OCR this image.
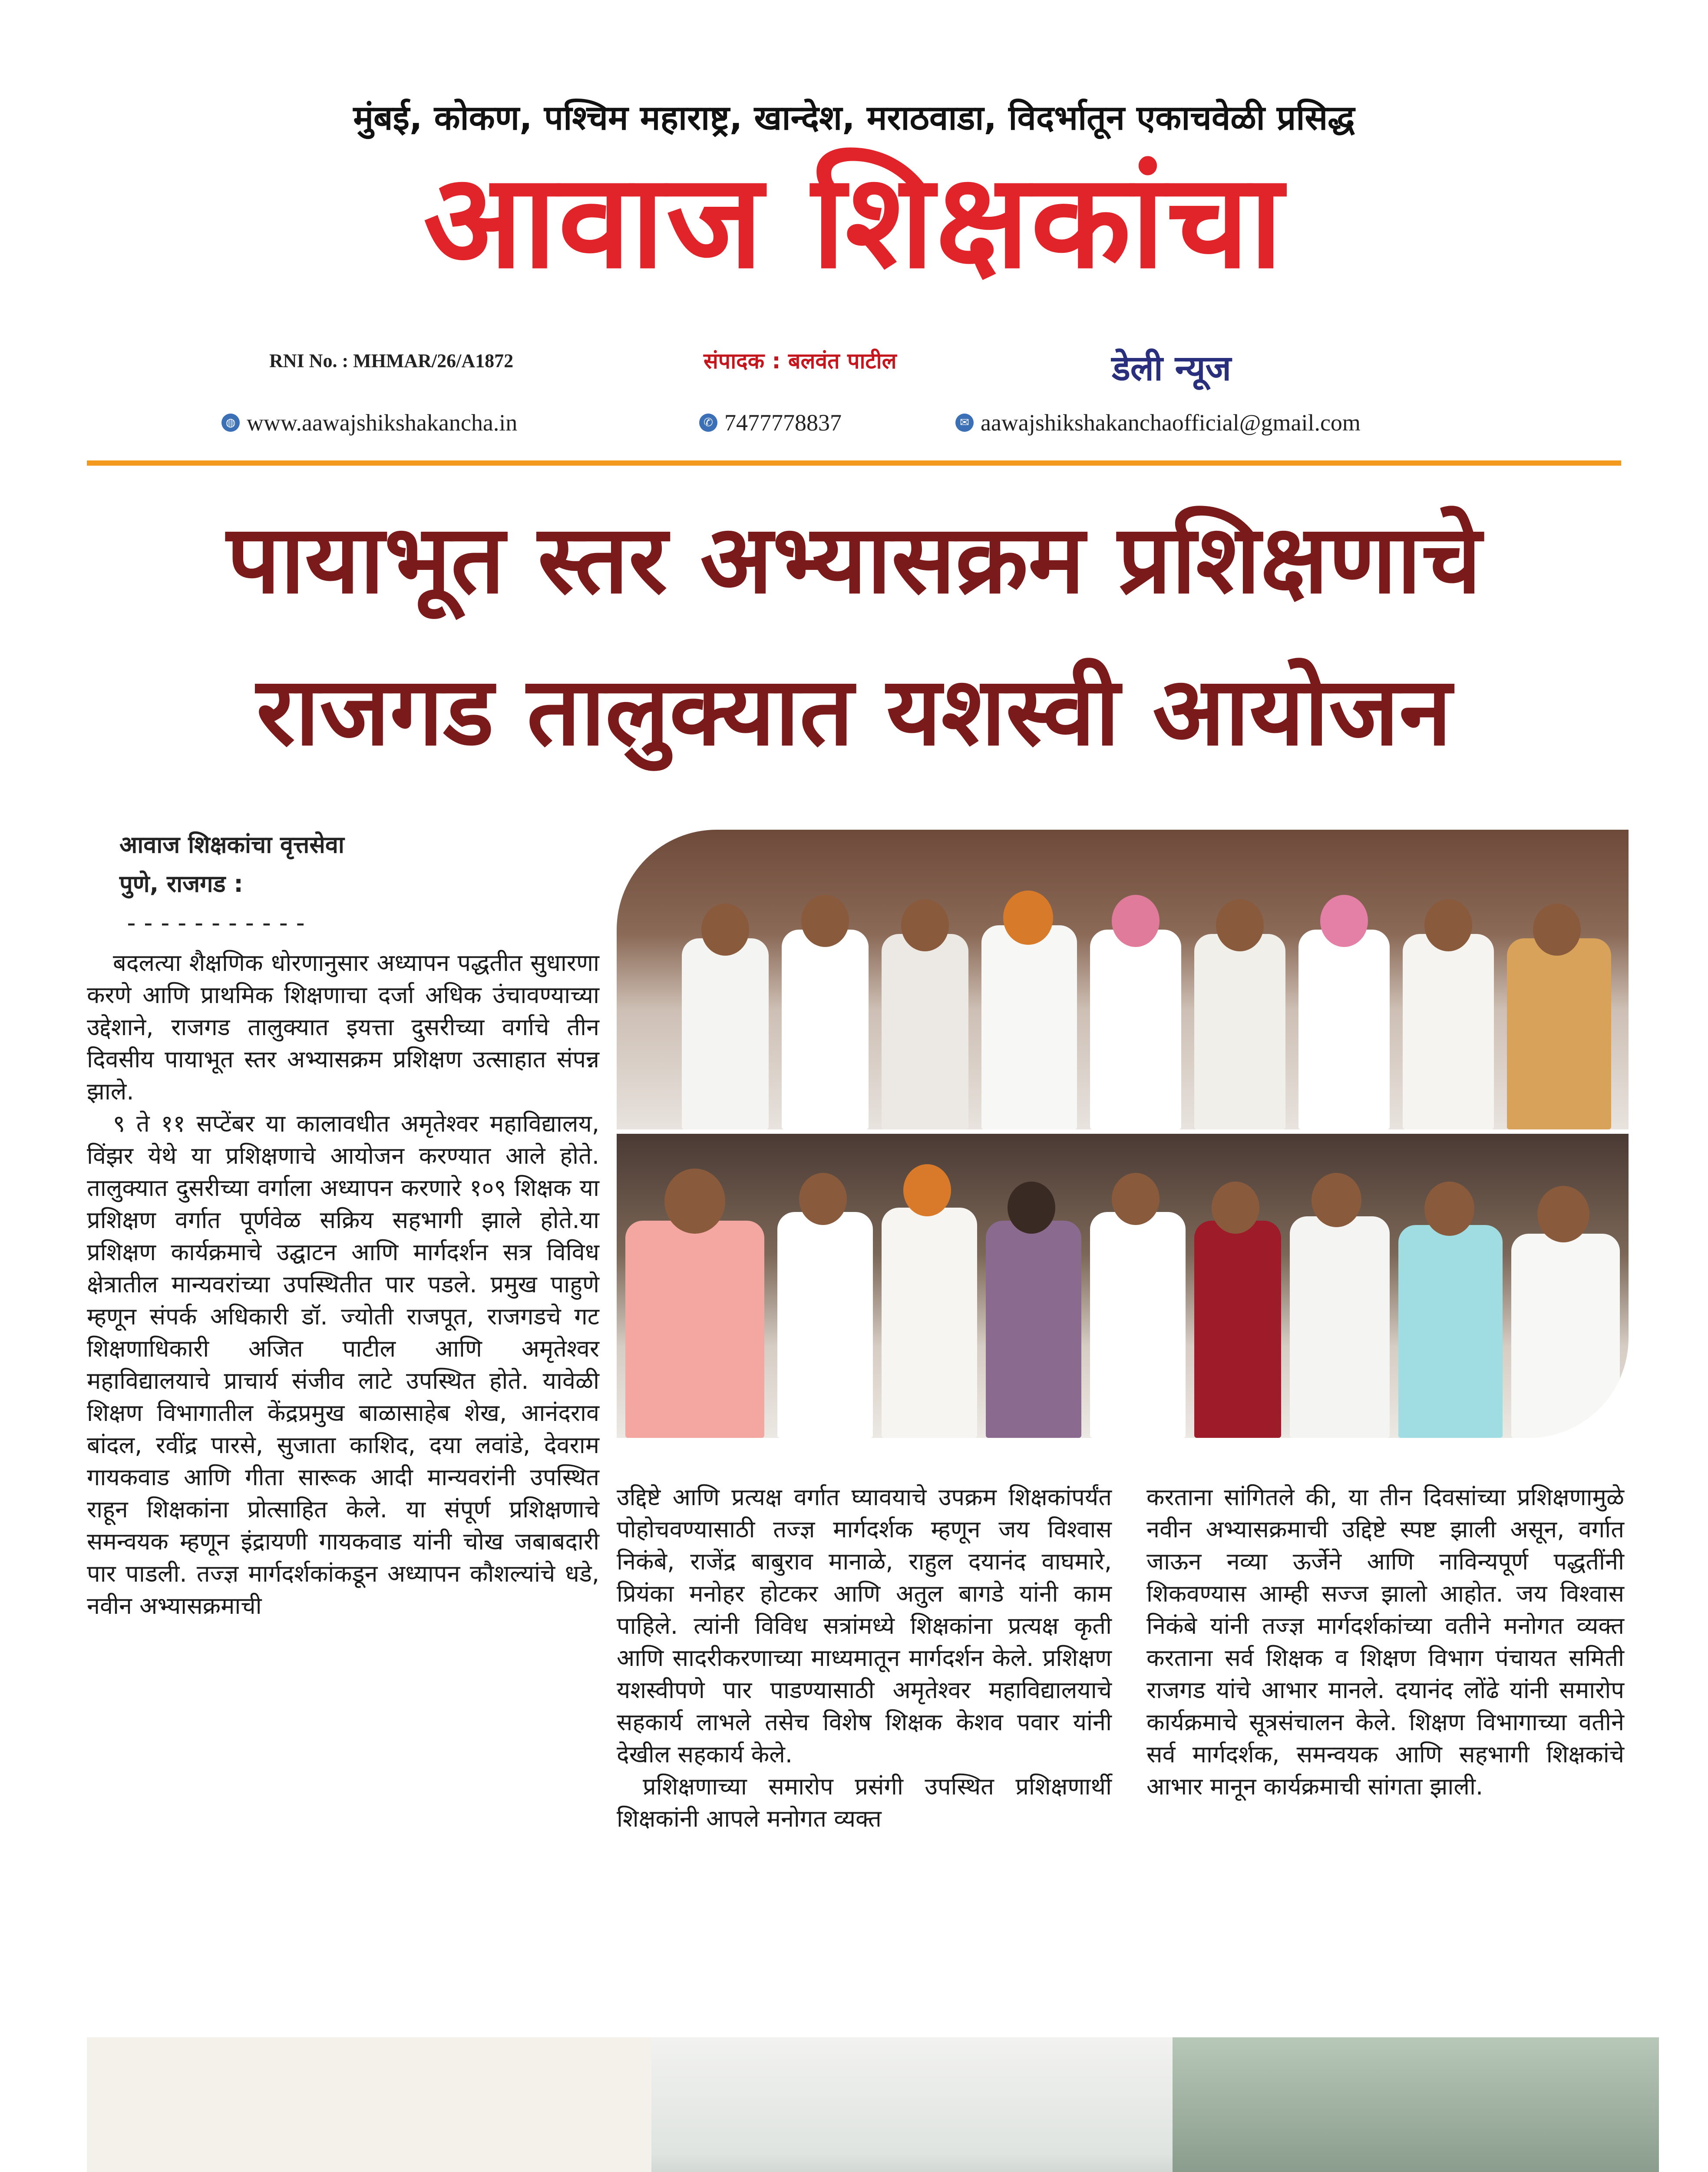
मुंबई, कोकण, पश्चिम महाराष्ट्र, खान्देश, मराठवाडा, विदर्भातून एकाचवेळी प्रसिद्ध
आवाज शिक्षकांचा
RNI No. : MHMAR/26/A1872	संपादक : बलवंत पाटील	डेली न्यूज
◍ www.aawajshikshakancha.in	✆ 7477778837	✉ aawajshikshakanchaofficial@gmail.com
पायाभूत स्तर अभ्यासक्रम प्रशिक्षणाचे
राजगड तालुक्यात यशस्वी आयोजन
आवाज शिक्षकांचा वृत्तसेवा
पुणे, राजगड :
-----------

बदलत्या शैक्षणिक धोरणानुसार अध्यापन पद्धतीत सुधारणा करणे आणि प्राथमिक शिक्षणाचा दर्जा अधिक उंचावण्याच्या उद्देशाने, राजगड तालुक्यात इयत्ता दुसरीच्या वर्गाचे तीन दिवसीय पायाभूत स्तर अभ्यासक्रम प्रशिक्षण उत्साहात संपन्न झाले.

९ ते ११ सप्टेंबर या कालावधीत अमृतेश्वर महाविद्यालय, विंझर येथे या प्रशिक्षणाचे आयोजन करण्यात आले होते. तालुक्यात दुसरीच्या वर्गाला अध्यापन करणारे १०९ शिक्षक या प्रशिक्षण वर्गात पूर्णवेळ सक्रिय सहभागी झाले होते.या प्रशिक्षण कार्यक्रमाचे उद्घाटन आणि मार्गदर्शन सत्र विविध क्षेत्रातील मान्यवरांच्या उपस्थितीत पार पडले. प्रमुख पाहुणे म्हणून संपर्क अधिकारी डॉ. ज्योती राजपूत, राजगडचे गट शिक्षणाधिकारी अजित पाटील आणि अमृतेश्वर महाविद्यालयाचे प्राचार्य संजीव लाटे उपस्थित होते. यावेळी शिक्षण विभागातील केंद्रप्रमुख बाळासाहेब शेख, आनंदराव बांदल, रवींद्र पारसे, सुजाता काशिद, दया लवांडे, देवराम गायकवाड आणि गीता सारूक आदी मान्यवरांनी उपस्थित राहून शिक्षकांना प्रोत्साहित केले. या संपूर्ण प्रशिक्षणाचे समन्वयक म्हणून इंद्रायणी गायकवाड यांनी चोख जबाबदारी पार पाडली. तज्ज्ञ मार्गदर्शकांकडून अध्यापन कौशल्यांचे धडे, नवीन अभ्यासक्रमाची

उद्दिष्टे आणि प्रत्यक्ष वर्गात घ्यावयाचे उपक्रम शिक्षकांपर्यंत पोहोचवण्यासाठी तज्ज्ञ मार्गदर्शक म्हणून जय विश्वास निकंबे, राजेंद्र बाबुराव मानाळे, राहुल दयानंद वाघमारे, प्रियंका मनोहर होटकर आणि अतुल बागडे यांनी काम पाहिले. त्यांनी विविध सत्रांमध्ये शिक्षकांना प्रत्यक्ष कृती आणि सादरीकरणाच्या माध्यमातून मार्गदर्शन केले. प्रशिक्षण यशस्वीपणे पार पाडण्यासाठी अमृतेश्वर महाविद्यालयाचे सहकार्य लाभले तसेच विशेष शिक्षक केशव पवार यांनी देखील सहकार्य केले.

प्रशिक्षणाच्या समारोप प्रसंगी उपस्थित प्रशिक्षणार्थी शिक्षकांनी आपले मनोगत व्यक्त

करताना सांगितले की, या तीन दिवसांच्या प्रशिक्षणामुळे नवीन अभ्यासक्रमाची उद्दिष्टे स्पष्ट झाली असून, वर्गात जाऊन नव्या ऊर्जेने आणि नाविन्यपूर्ण पद्धतींनी शिकवण्यास आम्ही सज्ज झालो आहोत. जय विश्वास निकंबे यांनी तज्ज्ञ मार्गदर्शकांच्या वतीने मनोगत व्यक्त करताना सर्व शिक्षक व शिक्षण विभाग पंचायत समिती राजगड यांचे आभार मानले. दयानंद लोंढे यांनी समारोप कार्यक्रमाचे सूत्रसंचालन केले. शिक्षण विभागाच्या वतीने सर्व मार्गदर्शक, समन्वयक आणि सहभागी शिक्षकांचे आभार मानून कार्यक्रमाची सांगता झाली.
